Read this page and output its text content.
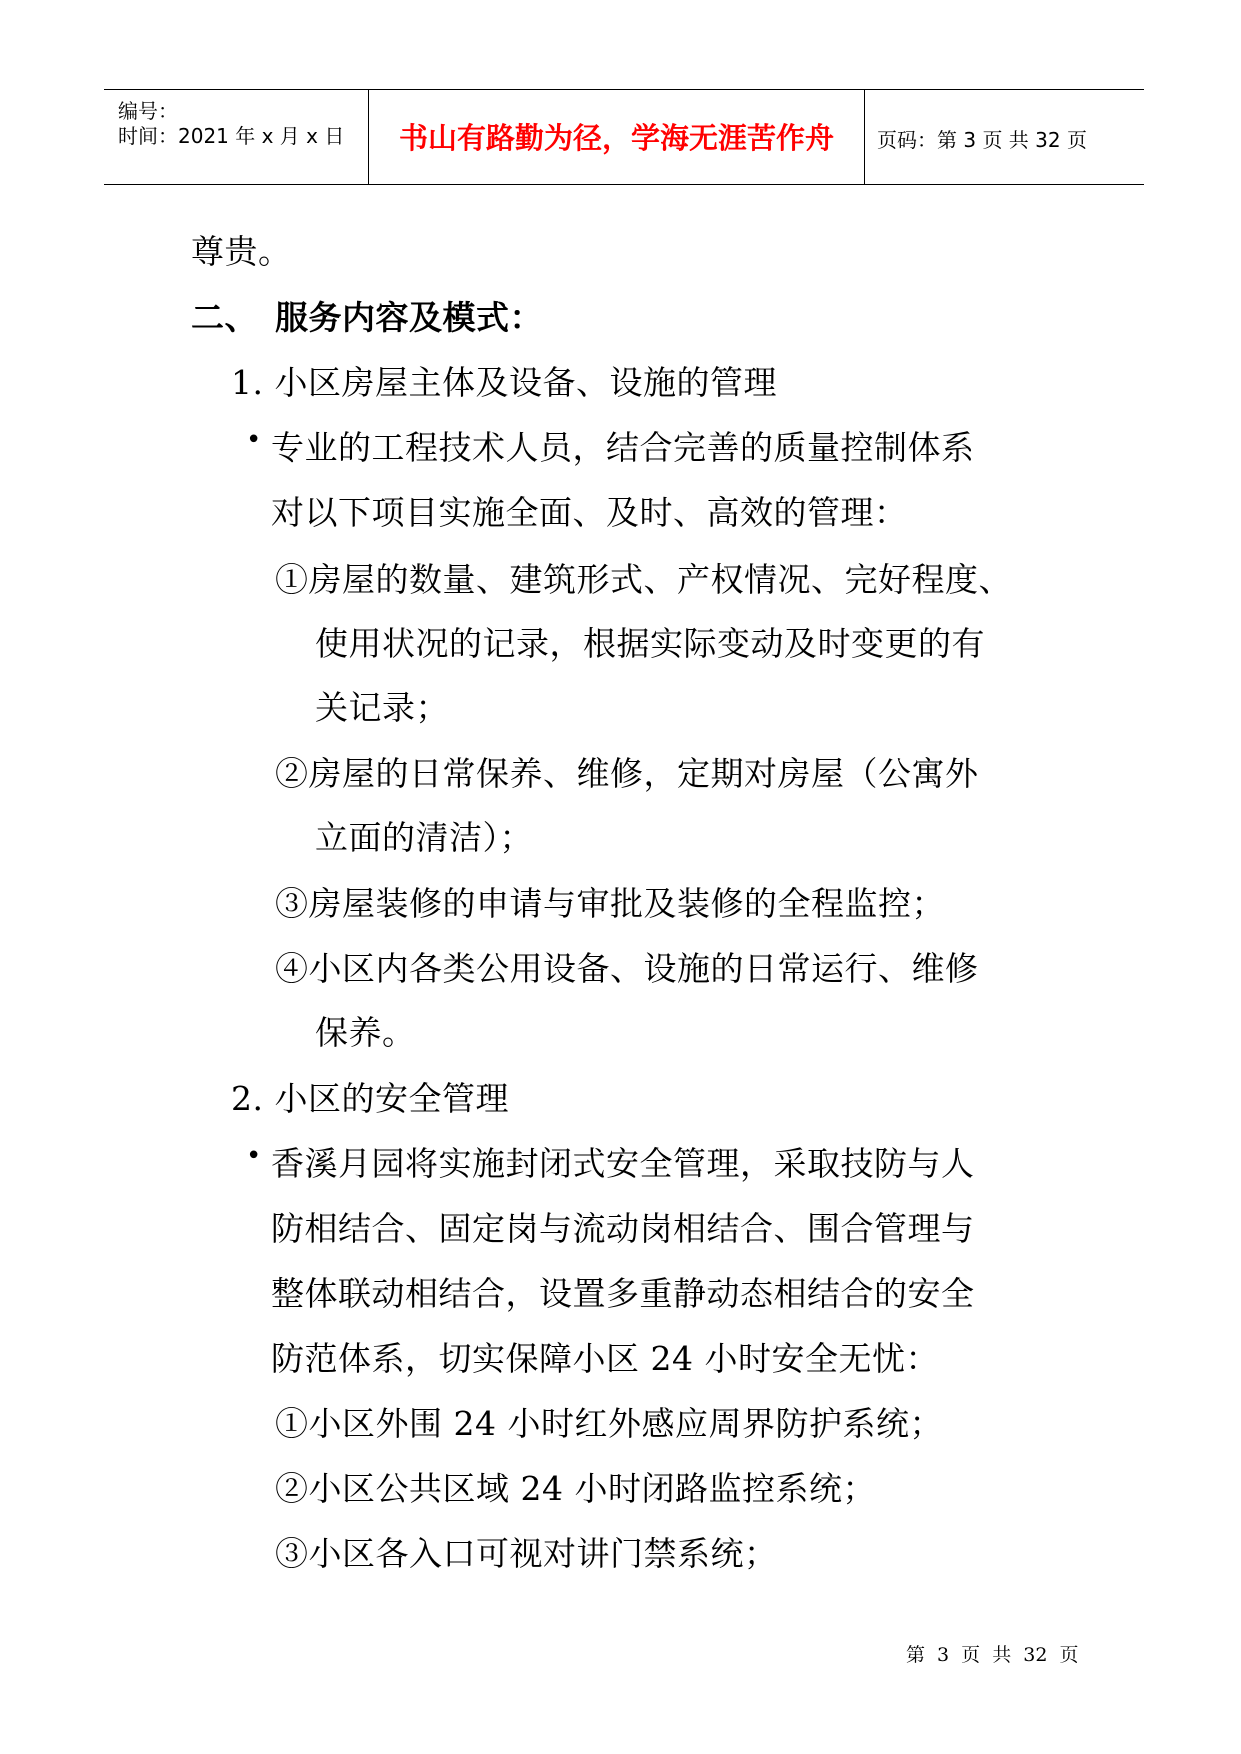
编号：
时间：2021 年 x 月 x 日	书山有路勤为径，学海无涯苦作舟	页码：第 3 页 共 32 页
尊贵。
二、 服务内容及模式：
1. 小区房屋主体及设备、设施的管理
• 专业的工程技术人员，结合完善的质量控制体系
对以下项目实施全面、及时、高效的管理：
①房屋的数量、建筑形式、产权情况、完好程度、
使用状况的记录，根据实际变动及时变更的有
关记录；
②房屋的日常保养、维修，定期对房屋（公寓外
立面的清洁）；
③房屋装修的申请与审批及装修的全程监控；
④小区内各类公用设备、设施的日常运行、维修
保养。
2. 小区的安全管理
• 香溪月园将实施封闭式安全管理，采取技防与人
防相结合、固定岗与流动岗相结合、围合管理与
整体联动相结合，设置多重静动态相结合的安全
防范体系，切实保障小区 24 小时安全无忧：
①小区外围 24 小时红外感应周界防护系统；
②小区公共区域 24 小时闭路监控系统；
③小区各入口可视对讲门禁系统；
第 3 页 共 32 页
